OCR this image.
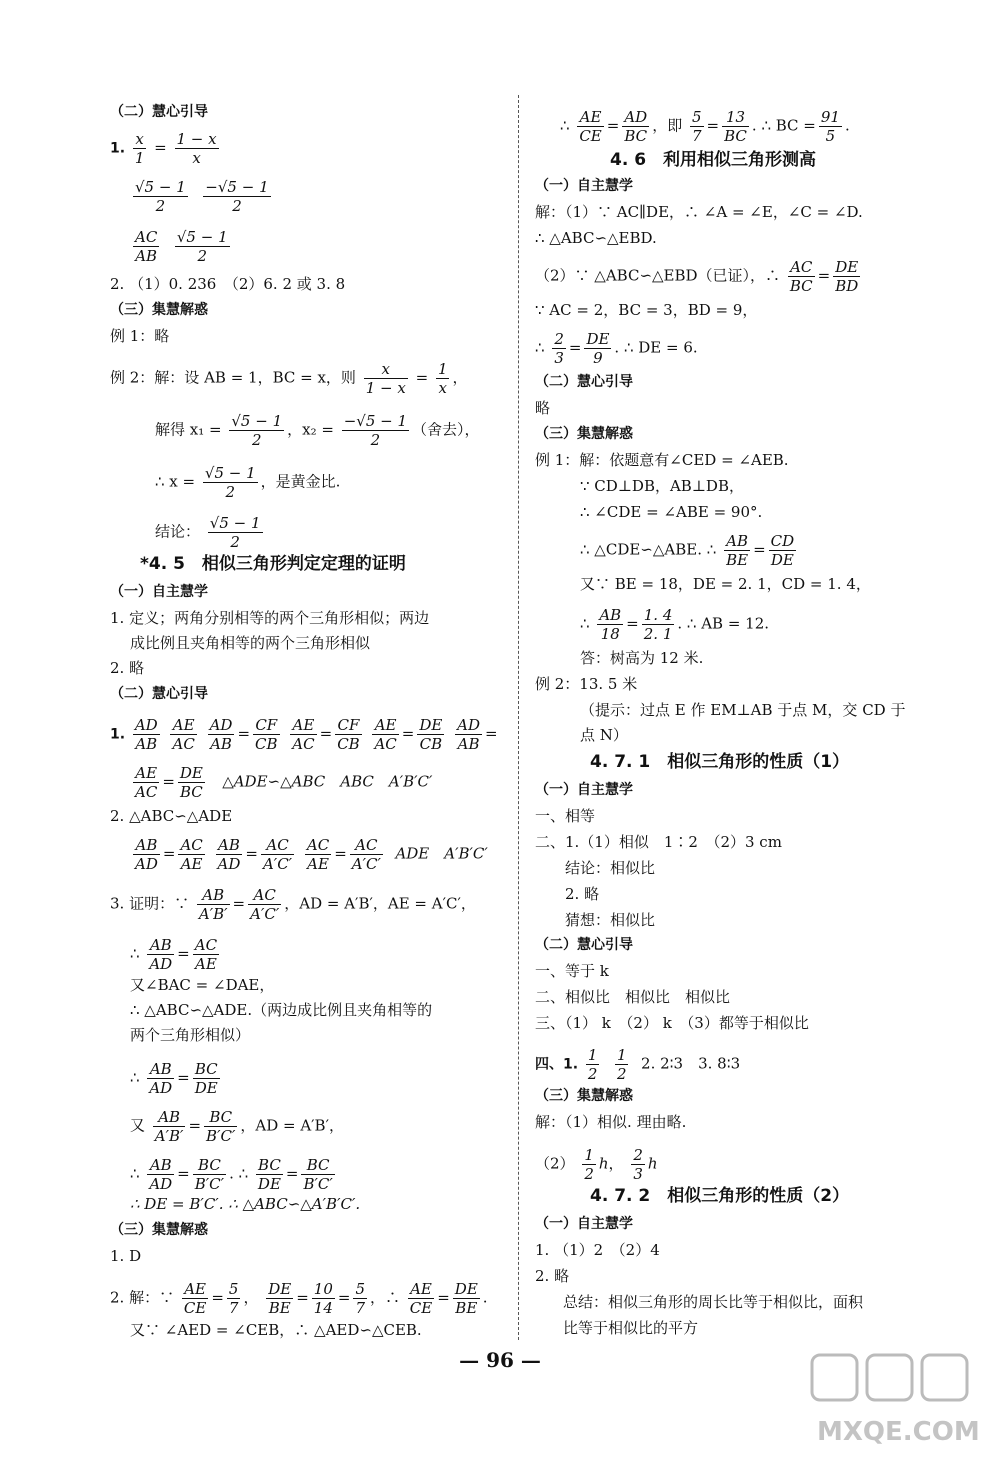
（二）慧心引导
1. $\frac{x}{1} = \frac{1 - x}{x}$
$\frac{√5 - 1}{2}$
$\frac{-√5 - 1}{2}$
$\frac{AC}{AB}$
$\frac{√5 - 1}{2}$
2. （1）0. 236　（2）6. 2 或 3. 8
（三）集慧解惑
例 1：略
例 2：解：设 AB = 1，BC = x，则 $\frac{x}{1 - x} = \frac{1}{x}$ ，
解得 $x_1 = \frac{√5 - 1}{2}$ ，$x_2 = \frac{-√5 - 1}{2}$ （舍去），
∴ $x = \frac{√5 - 1}{2}$ ，是黄金比.
结论： $\frac{√5 - 1}{2}$
*4. 5　相似三角形判定定理的证明
（一）自主慧学
1. 定义；两角分别相等的两个三角形相似；两边
成比例且夹角相等的两个三角形相似
2. 略
（二）慧心引导
1. $\frac{AD}{AB}$
$\frac{AE}{AC}$
$\frac{AD}{AB} = \frac{CF}{CB}$
$\frac{AE}{AC} = \frac{CF}{CB}$
$\frac{AE}{AC} = \frac{DE}{CB}$
$\frac{AD}{AB}$ =
$\frac{AE}{AC} = \frac{DE}{BC}$ △ADE∽△ABC　ABC　A′B′C′
2. △ABC∽△ADE
$\frac{AB}{AD} = \frac{AC}{AE}$
$\frac{AB}{AD} = \frac{AC}{A'C'}$
$\frac{AC}{AE} = \frac{AC}{A'C'}$ ADE　A′B′C′
3. 证明：∵ $\frac{AB}{A'B'} = \frac{AC}{A'C'}$ ，AD = A′B′，AE = A′C′，
∴ $\frac{AB}{AD} = \frac{AC}{AE}$
又∠BAC = ∠DAE，
∴ △ABC∽△ADE.（两边成比例且夹角相等的
两个三角形相似）
∴ $\frac{AB}{AD} = \frac{BC}{DE}$
又 $\frac{AB}{A'B'} = \frac{BC}{B'C'}$ ，AD = A′B′，
∴ $\frac{AB}{AD} = \frac{BC}{B'C'}$ . ∴ $\frac{BC}{DE} = \frac{BC}{B'C'}$
∴ DE = B′C′. ∴ △ABC∽△A′B′C′.
（三）集慧解惑
1. D
2. 解：∵ $\frac{AE}{CE} = \frac{5}{7}$ ， $\frac{DE}{BE} = \frac{10}{14} = \frac{5}{7}$ ，∴ $\frac{AE}{CE} = \frac{DE}{BE}$ .
又∵ ∠AED = ∠CEB，∴ △AED∽△CEB.
∴ $\frac{AE}{CE} = \frac{AD}{BC}$ ，即 $\frac{5}{7} = \frac{13}{BC}$ . ∴ BC = $\frac{91}{5}$ .
4. 6　利用相似三角形测高
（一）自主慧学
解：（1）∵ AC∥DE，∴ ∠A = ∠E，∠C = ∠D.
∴ △ABC∽△EBD.
（2）∵ △ABC∽△EBD（已证），∴ $\frac{AC}{BC} = \frac{DE}{BD}$
∵ AC = 2，BC = 3，BD = 9，
∴ $\frac{2}{3} = \frac{DE}{9}$ . ∴ DE = 6.
（二）慧心引导
略
（三）集慧解惑
例 1：解：依题意有∠CED = ∠AEB.
∵ CD⊥DB，AB⊥DB，
∴ ∠CDE = ∠ABE = 90°.
∴ △CDE∽△ABE. ∴ $\frac{AB}{BE} = \frac{CD}{DE}$
又∵ BE = 18，DE = 2. 1，CD = 1. 4，
∴ $\frac{AB}{18} = \frac{1. 4}{2. 1}$ . ∴ AB = 12.
答：树高为 12 米.
例 2：13. 5 米
（提示：过点 E 作 EM⊥AB 于点 M，交 CD 于
点 N）
4. 7. 1　相似三角形的性质（1）
（一）自主慧学
一、相等
二、1.（1）相似　1∶2　（2）3 cm
结论：相似比
2. 略
猜想：相似比
（二）慧心引导
一、等于 k
二、相似比　相似比　相似比
三、（1） k　（2） k　（3）都等于相似比
四、1. $\frac{1}{2}$
$\frac{1}{2} 2$. 2∶3　3. 8∶3
（三）集慧解惑
解：（1）相似. 理由略.
$(2) \frac{1}{2}$ h， $\frac{2}{3}$ h
4. 7. 2　相似三角形的性质（2）
（一）自主慧学
1. （1）2　（2）4
2. 略
总结：相似三角形的周长比等于相似比，面积
比等于相似比的平方
— 96 —
MXQE.COM
